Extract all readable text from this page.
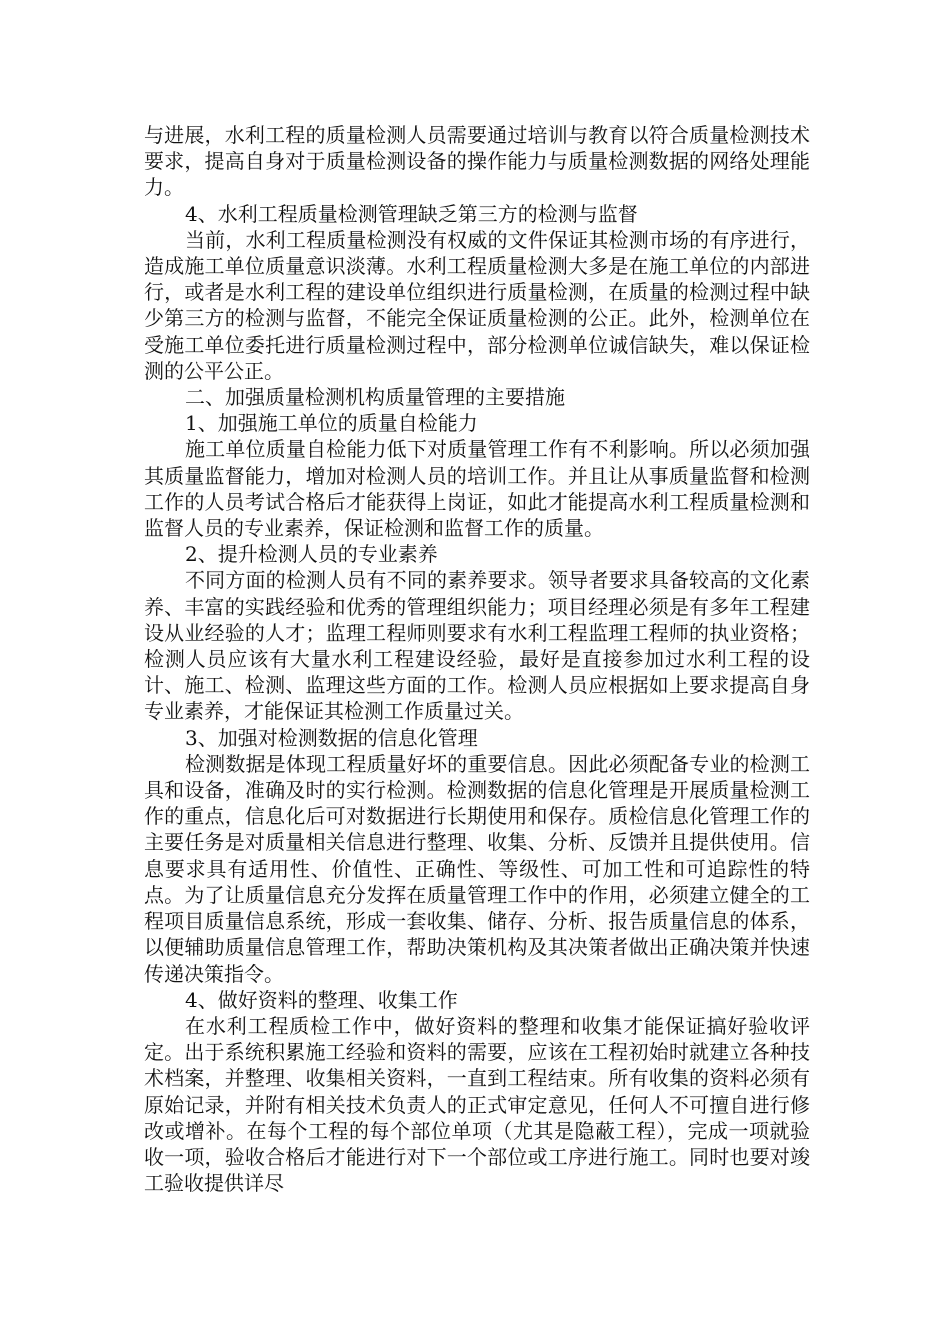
与进展，水利工程的质量检测人员需要通过培训与教育以符合质量检测技术要求，提高自身对于质量检测设备的操作能力与质量检测数据的网络处理能力。

4、水利工程质量检测管理缺乏第三方的检测与监督

当前，水利工程质量检测没有权威的文件保证其检测市场的有序进行，造成施工单位质量意识淡薄。水利工程质量检测大多是在施工单位的内部进行，或者是水利工程的建设单位组织进行质量检测，在质量的检测过程中缺少第三方的检测与监督，不能完全保证质量检测的公正。此外，检测单位在受施工单位委托进行质量检测过程中，部分检测单位诚信缺失，难以保证检测的公平公正。

二、加强质量检测机构质量管理的主要措施

1、加强施工单位的质量自检能力

施工单位质量自检能力低下对质量管理工作有不利影响。所以必须加强其质量监督能力，增加对检测人员的培训工作。并且让从事质量监督和检测工作的人员考试合格后才能获得上岗证，如此才能提高水利工程质量检测和监督人员的专业素养，保证检测和监督工作的质量。

2、提升检测人员的专业素养

不同方面的检测人员有不同的素养要求。领导者要求具备较高的文化素养、丰富的实践经验和优秀的管理组织能力；项目经理必须是有多年工程建设从业经验的人才；监理工程师则要求有水利工程监理工程师的执业资格；检测人员应该有大量水利工程建设经验，最好是直接参加过水利工程的设计、施工、检测、监理这些方面的工作。检测人员应根据如上要求提高自身专业素养，才能保证其检测工作质量过关。

3、加强对检测数据的信息化管理

检测数据是体现工程质量好坏的重要信息。因此必须配备专业的检测工具和设备，准确及时的实行检测。检测数据的信息化管理是开展质量检测工作的重点，信息化后可对数据进行长期使用和保存。质检信息化管理工作的主要任务是对质量相关信息进行整理、收集、分析、反馈并且提供使用。信息要求具有适用性、价值性、正确性、等级性、可加工性和可追踪性的特点。为了让质量信息充分发挥在质量管理工作中的作用，必须建立健全的工程项目质量信息系统，形成一套收集、储存、分析、报告质量信息的体系，以便辅助质量信息管理工作，帮助决策机构及其决策者做出正确决策并快速传递决策指令。

4、做好资料的整理、收集工作

在水利工程质检工作中，做好资料的整理和收集才能保证搞好验收评定。出于系统积累施工经验和资料的需要，应该在工程初始时就建立各种技术档案，并整理、收集相关资料，一直到工程结束。所有收集的资料必须有原始记录，并附有相关技术负责人的正式审定意见，任何人不可擅自进行修改或增补。在每个工程的每个部位单项（尤其是隐蔽工程），完成一项就验收一项，验收合格后才能进行对下一个部位或工序进行施工。同时也要对竣工验收提供详尽
